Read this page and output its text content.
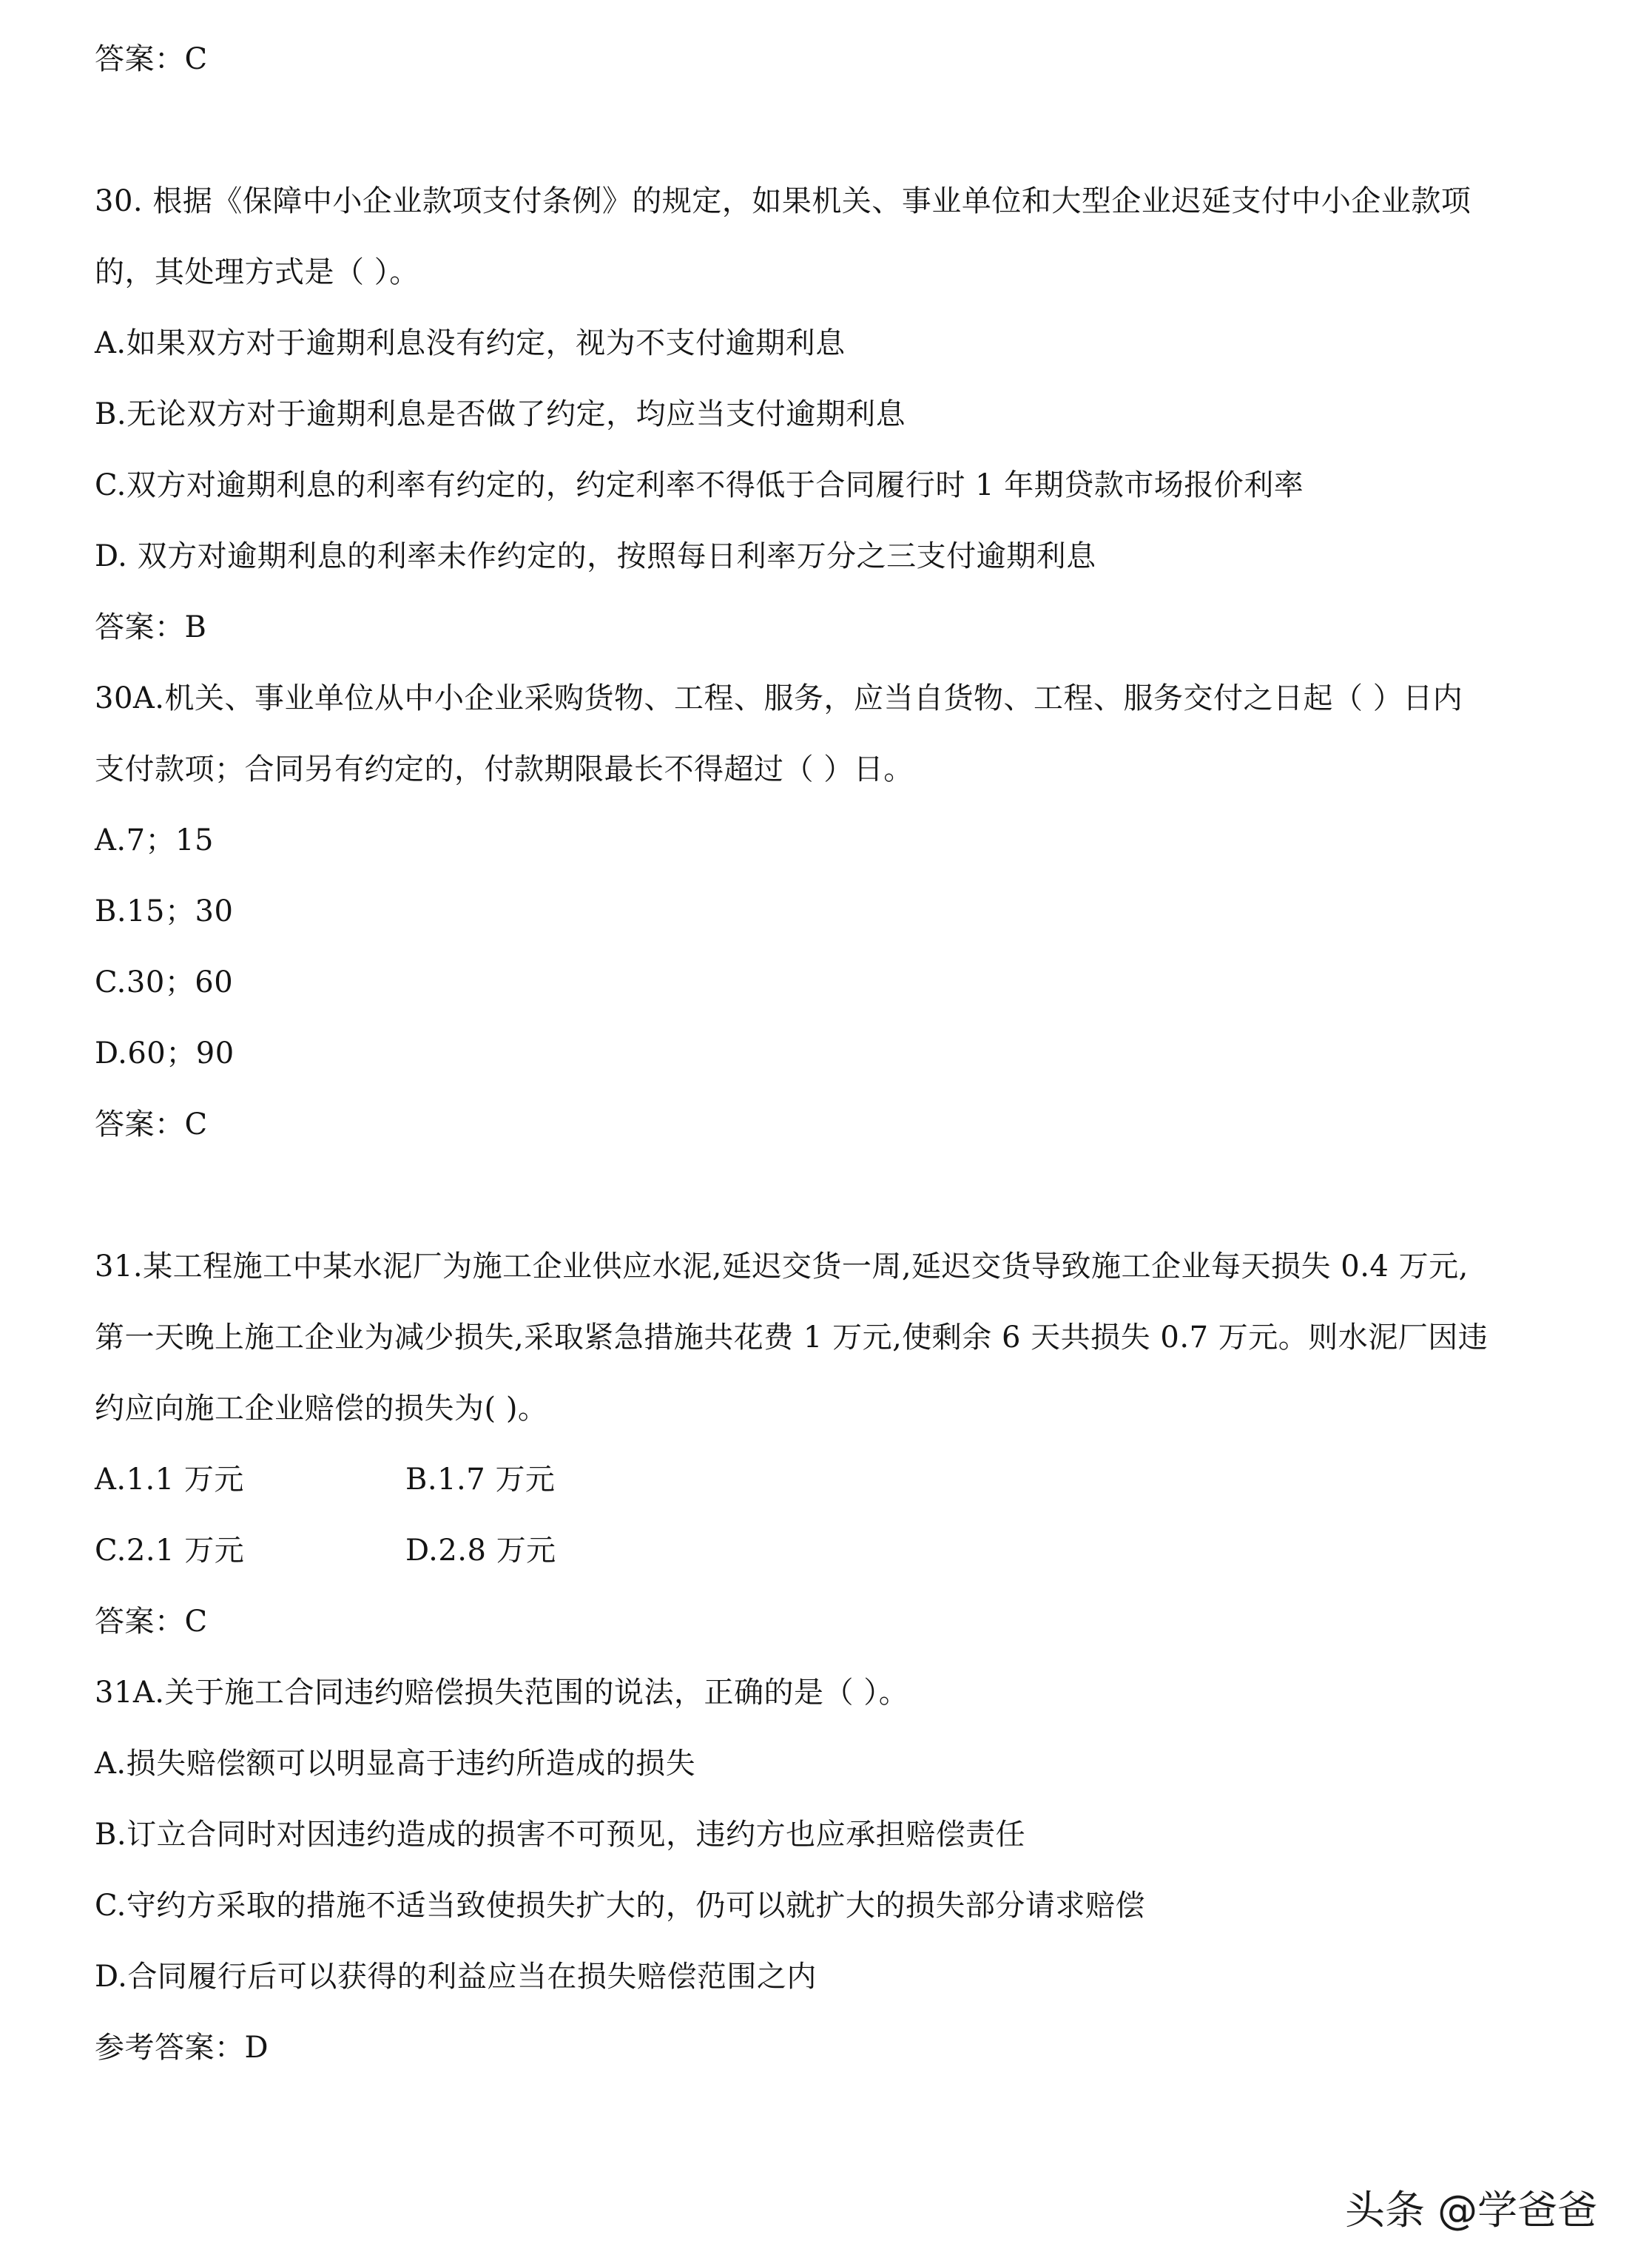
答案：C
30. 根据《保障中小企业款项支付条例》的规定，如果机关、事业单位和大型企业迟延支付中小企业款项
的，其处理方式是（ ）。
A.如果双方对于逾期利息没有约定，视为不支付逾期利息
B.无论双方对于逾期利息是否做了约定，均应当支付逾期利息
C.双方对逾期利息的利率有约定的，约定利率不得低于合同履行时 1 年期贷款市场报价利率
D. 双方对逾期利息的利率未作约定的，按照每日利率万分之三支付逾期利息
答案：B
30A.机关、事业单位从中小企业采购货物、工程、服务，应当自货物、工程、服务交付之日起（ ）日内
支付款项；合同另有约定的，付款期限最长不得超过（ ）日。
A.7；15
B.15；30
C.30；60
D.60；90
答案：C
31.某工程施工中某水泥厂为施工企业供应水泥,延迟交货一周,延迟交货导致施工企业每天损失 0.4 万元,
第一天晚上施工企业为减少损失,采取紧急措施共花费 1 万元,使剩余 6 天共损失 0.7 万元。则水泥厂因违
约应向施工企业赔偿的损失为( )。
A.1.1 万元	B.1.7 万元
C.2.1 万元	D.2.8 万元
答案：C
31A.关于施工合同违约赔偿损失范围的说法，正确的是（ ）。
A.损失赔偿额可以明显高于违约所造成的损失
B.订立合同时对因违约造成的损害不可预见，违约方也应承担赔偿责任
C.守约方采取的措施不适当致使损失扩大的，仍可以就扩大的损失部分请求赔偿
D.合同履行后可以获得的利益应当在损失赔偿范围之内
参考答案：D
头条 @学爸爸
